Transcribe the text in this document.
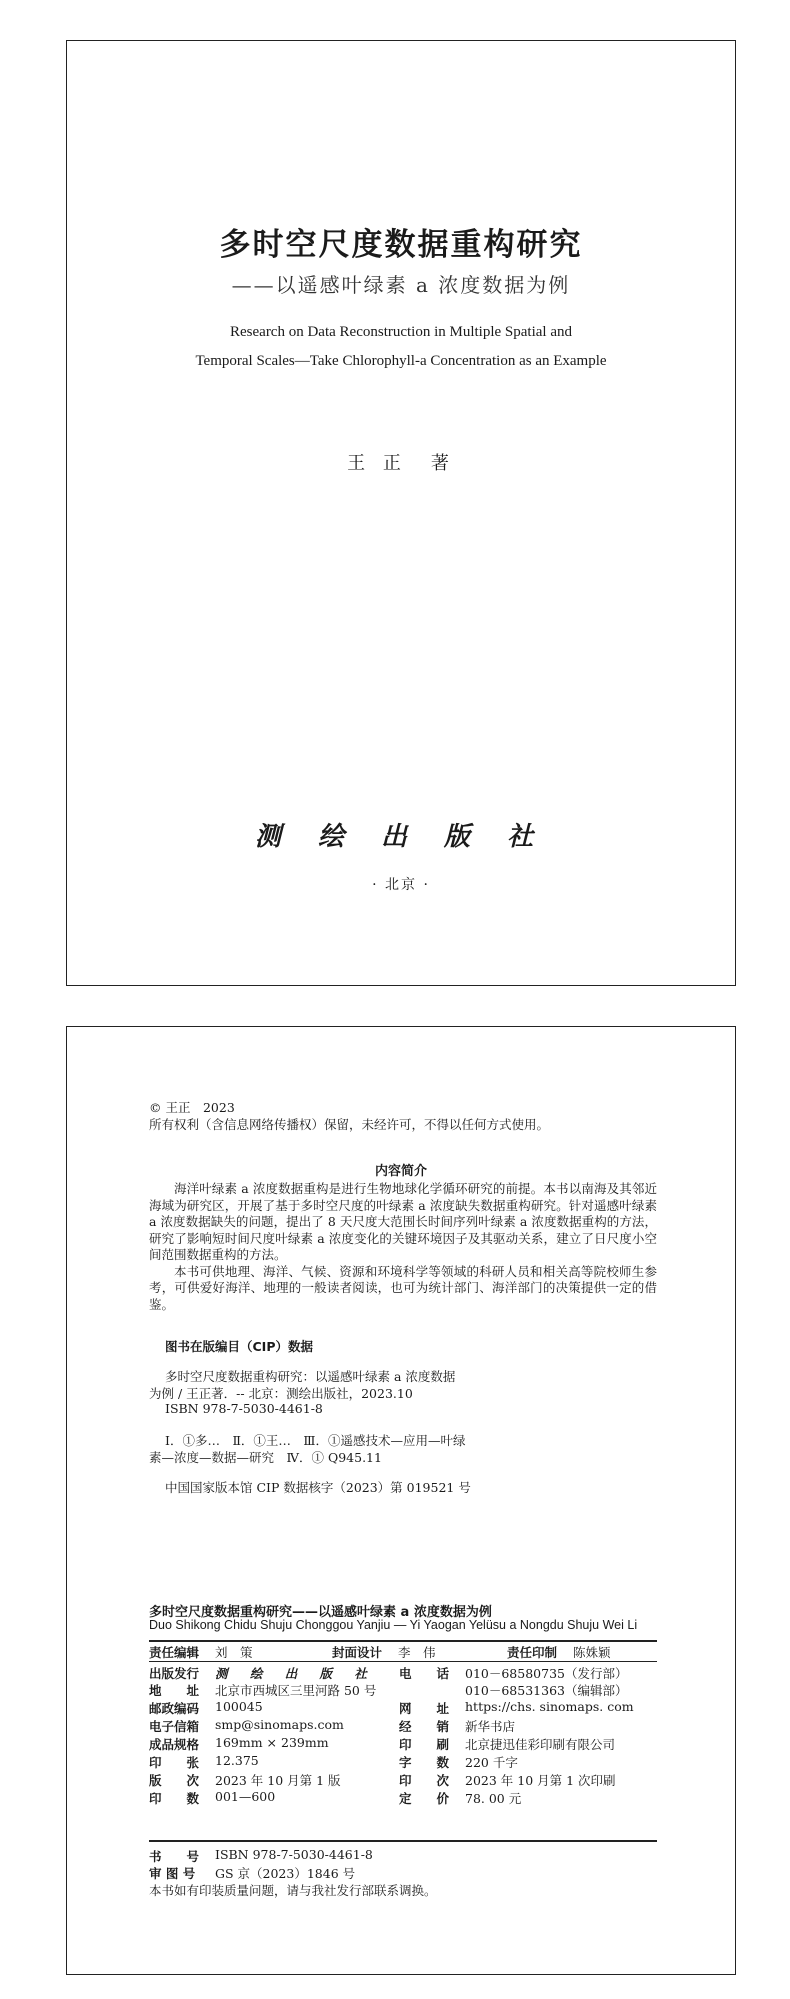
多时空尺度数据重构研究
——以遥感叶绿素 a 浓度数据为例
Research on Data Reconstruction in Multiple Spatial and
Temporal Scales—Take Chlorophyll-a Concentration as an Example
王 正　著
测 绘 出 版 社
· 北京 ·
© 王正　2023
所有权利（含信息网络传播权）保留，未经许可，不得以任何方式使用。
内容简介

海洋叶绿素 a 浓度数据重构是进行生物地球化学循环研究的前提。本书以南海及其邻近海域为研究区，开展了基于多时空尺度的叶绿素 a 浓度缺失数据重构研究。针对遥感叶绿素 a 浓度数据缺失的问题，提出了 8 天尺度大范围长时间序列叶绿素 a 浓度数据重构的方法，研究了影响短时间尺度叶绿素 a 浓度变化的关键环境因子及其驱动关系，建立了日尺度小空间范围数据重构的方法。

本书可供地理、海洋、气候、资源和环境科学等领域的科研人员和相关高等院校师生参考，可供爱好海洋、地理的一般读者阅读，也可为统计部门、海洋部门的决策提供一定的借鉴。

图书在版编目（CIP）数据
多时空尺度数据重构研究：以遥感叶绿素 a 浓度数据
为例 / 王正著．-- 北京：测绘出版社，2023.10
ISBN 978-7-5030-4461-8
Ⅰ．①多…　Ⅱ．①王…　Ⅲ．①遥感技术—应用—叶绿
素—浓度—数据—研究　Ⅳ．① Q945.11
中国国家版本馆 CIP 数据核字（2023）第 019521 号
多时空尺度数据重构研究——以遥感叶绿素 a 浓度数据为例
Duo Shikong Chidu Shuju Chonggou Yanjiu — Yi Yaogan Yelüsu a Nongdu Shuju Wei Li
责任编辑 刘　策	封面设计 李　伟	责任印制 陈姝颖
出版发行 测 绘 出 版 社
地　　址 北京市西城区三里河路 50 号
邮政编码 100045
电子信箱 smp@sinomaps.com
成品规格 169mm × 239mm
印　　张 12.375
版　　次 2023 年 10 月第 1 版
印　　数 001—600
电　　话 010－68580735（发行部）
010－68531363（编辑部）
网　　址 https://chs. sinomaps. com
经　　销 新华书店
印　　刷 北京捷迅佳彩印刷有限公司
字　　数 220 千字
印　　次 2023 年 10 月第 1 次印刷
定　　价 78. 00 元
书　　号 ISBN 978-7-5030-4461-8
审 图 号 GS 京（2023）1846 号
本书如有印装质量问题，请与我社发行部联系调换。
